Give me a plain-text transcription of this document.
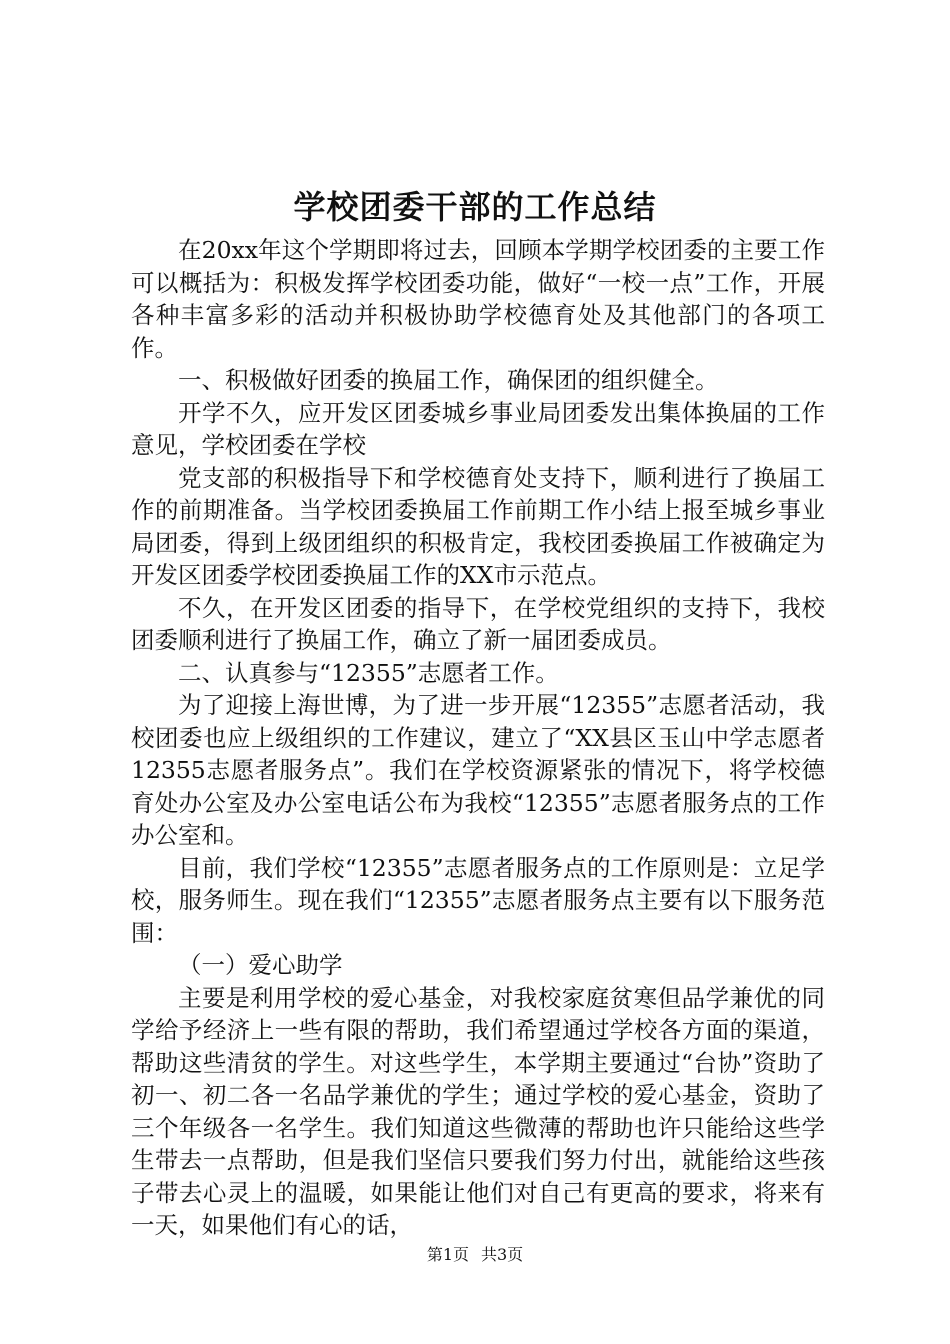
学校团委干部的工作总结

在20xx年这个学期即将过去，回顾本学期学校团委的主要工作可以概括为：积极发挥学校团委功能，做好“一校一点”工作，开展各种丰富多彩的活动并积极协助学校德育处及其他部门的各项工作。

一、积极做好团委的换届工作，确保团的组织健全。

开学不久，应开发区团委城乡事业局团委发出集体换届的工作意见，学校团委在学校

党支部的积极指导下和学校德育处支持下，顺利进行了换届工作的前期准备。当学校团委换届工作前期工作小结上报至城乡事业局团委，得到上级团组织的积极肯定，我校团委换届工作被确定为开发区团委学校团委换届工作的XX市示范点。

不久，在开发区团委的指导下，在学校党组织的支持下，我校团委顺利进行了换届工作，确立了新一届团委成员。

二、认真参与“12355”志愿者工作。

为了迎接上海世博，为了进一步开展“12355”志愿者活动，我校团委也应上级组织的工作建议，建立了“XX县区玉山中学志愿者12355志愿者服务点”。我们在学校资源紧张的情况下，将学校德育处办公室及办公室电话公布为我校“12355”志愿者服务点的工作办公室和。

目前，我们学校“12355”志愿者服务点的工作原则是：立足学校，服务师生。现在我们“12355”志愿者服务点主要有以下服务范围：

（一）爱心助学

主要是利用学校的爱心基金，对我校家庭贫寒但品学兼优的同学给予经济上一些有限的帮助，我们希望通过学校各方面的渠道，帮助这些清贫的学生。对这些学生，本学期主要通过“台协”资助了初一、初二各一名品学兼优的学生；通过学校的爱心基金，资助了三个年级各一名学生。我们知道这些微薄的帮助也许只能给这些学生带去一点帮助，但是我们坚信只要我们努力付出，就能给这些孩子带去心灵上的温暖，如果能让他们对自己有更高的要求，将来有一天，如果他们有心的话，

第1页 共3页
